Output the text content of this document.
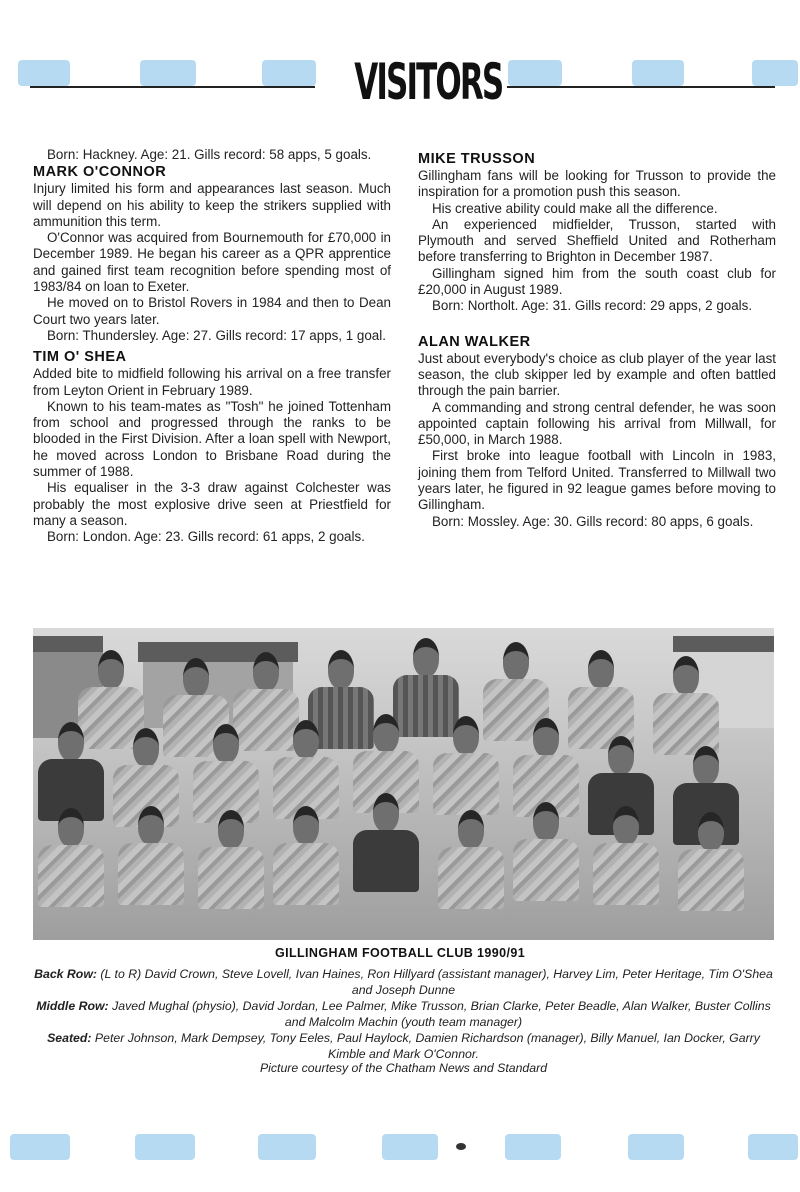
VISITORS

Born: Hackney. Age: 21. Gills record: 58 apps, 5 goals.

MARK O'CONNOR

Injury limited his form and appearances last season. Much will depend on his ability to keep the strikers supplied with ammunition this term.

O'Connor was acquired from Bournemouth for £70,000 in December 1989. He began his career as a QPR apprentice and gained first team recognition before spending most of 1983/84 on loan to Exeter.

He moved on to Bristol Rovers in 1984 and then to Dean Court two years later.

Born: Thundersley. Age: 27. Gills record: 17 apps, 1 goal.

TIM O' SHEA

Added bite to midfield following his arrival on a free transfer from Leyton Orient in February 1989.

Known to his team-mates as "Tosh" he joined Tottenham from school and progressed through the ranks to be blooded in the First Division. After a loan spell with Newport, he moved across London to Brisbane Road during the summer of 1988.

His equaliser in the 3-3 draw against Colchester was probably the most explosive drive seen at Priestfield for many a season.

Born: London. Age: 23. Gills record: 61 apps, 2 goals.

MIKE TRUSSON

Gillingham fans will be looking for Trusson to provide the inspiration for a promotion push this season.

His creative ability could make all the difference.

An experienced midfielder, Trusson, started with Plymouth and served Sheffield United and Rotherham before transferring to Brighton in December 1987.

Gillingham signed him from the south coast club for £20,000 in August 1989.

Born: Northolt. Age: 31. Gills record: 29 apps, 2 goals.

ALAN WALKER

Just about everybody's choice as club player of the year last season, the club skipper led by example and often battled through the pain barrier.

A commanding and strong central defender, he was soon appointed captain following his arrival from Millwall, for £50,000, in March 1988.

First broke into league football with Lincoln in 1983, joining them from Telford United. Transferred to Millwall two years later, he figured in 92 league games before moving to Gillingham.

Born: Mossley. Age: 30. Gills record: 80 apps, 6 goals.

GILLINGHAM FOOTBALL CLUB 1990/91
Back Row: (L to R) David Crown, Steve Lovell, Ivan Haines, Ron Hillyard (assistant manager), Harvey Lim, Peter Heritage, Tim O'Shea and Joseph Dunne
Middle Row: Javed Mughal (physio), David Jordan, Lee Palmer, Mike Trusson, Brian Clarke, Peter Beadle, Alan Walker, Buster Collins and Malcolm Machin (youth team manager)
Seated: Peter Johnson, Mark Dempsey, Tony Eeles, Paul Haylock, Damien Richardson (manager), Billy Manuel, Ian Docker, Garry Kimble and Mark O'Connor.
Picture courtesy of the Chatham News and Standard
